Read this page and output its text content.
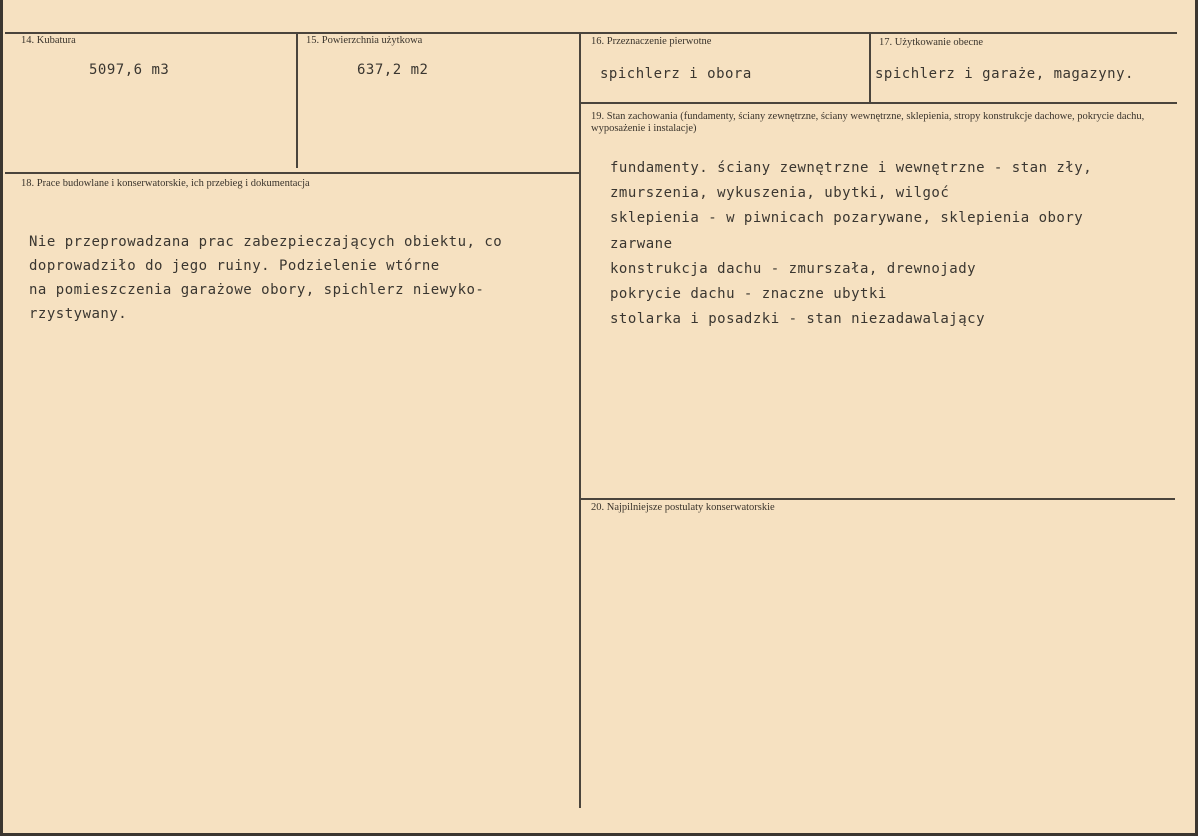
14. Kubatura
5097,6 m3
15. Powierzchnia użytkowa
637,2 m2
16. Przeznaczenie pierwotne
spichlerz i obora
17. Użytkowanie obecne
spichlerz i garaże, magazyny.
18. Prace budowlane i konserwatorskie, ich przebieg i dokumentacja
Nie przeprowadzana prac zabezpieczających obiektu, co
doprowadziło do jego ruiny. Podzielenie wtórne
na pomieszczenia garażowe obory, spichlerz niewyko-
rzystywany.
19. Stan zachowania (fundamenty, ściany zewnętrzne, ściany wewnętrzne, sklepienia, stropy konstrukcje dachowe, pokrycie dachu, wyposażenie i instalacje)
fundamenty. ściany zewnętrzne i wewnętrzne - stan zły,
zmurszenia, wykuszenia, ubytki, wilgoć
sklepienia - w piwnicach pozarywane, sklepienia obory
zarwane
konstrukcja dachu - zmurszała, drewnojady
pokrycie dachu - znaczne ubytki
stolarka i posadzki - stan niezadawalający
20. Najpilniejsze postulaty konserwatorskie
